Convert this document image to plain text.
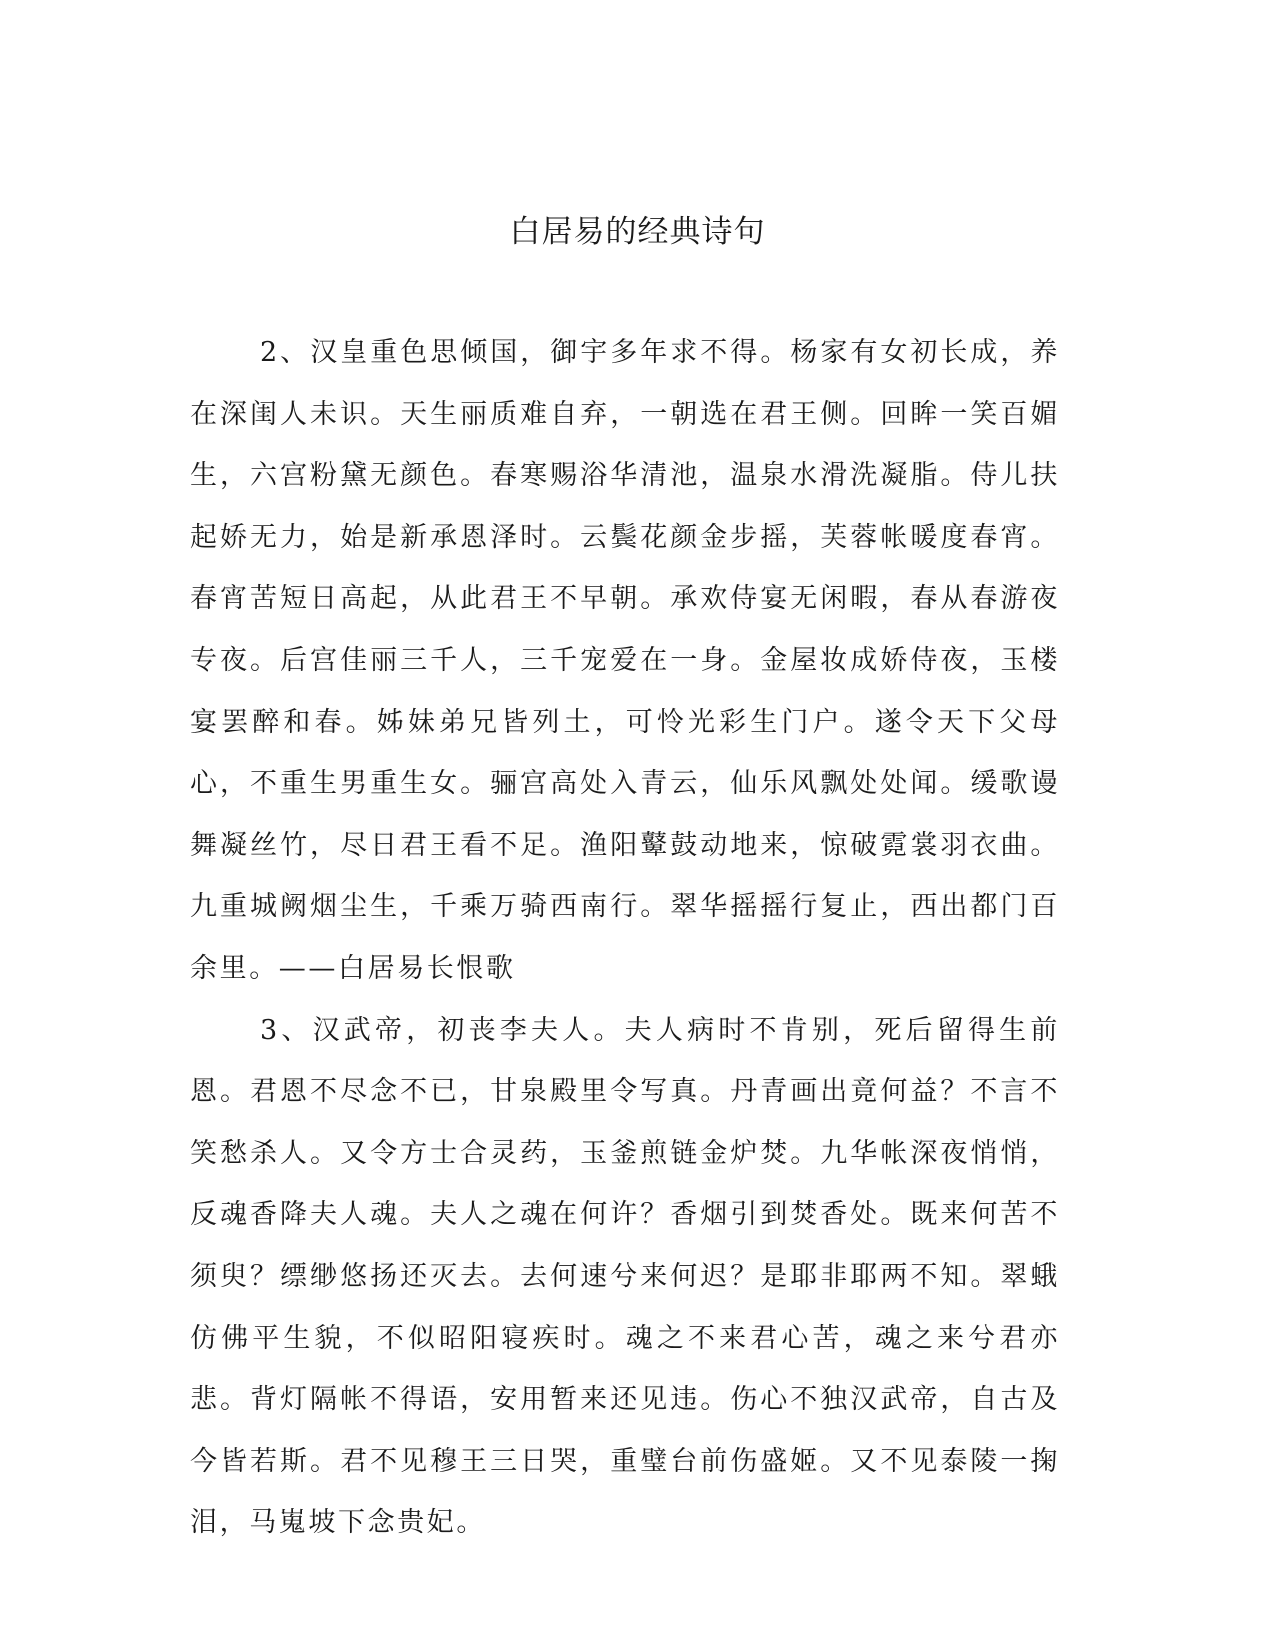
白居易的经典诗句

2、汉皇重色思倾国，御宇多年求不得。杨家有女初长成，养在深闺人未识。天生丽质难自弃，一朝选在君王侧。回眸一笑百媚生，六宫粉黛无颜色。春寒赐浴华清池，温泉水滑洗凝脂。侍儿扶起娇无力，始是新承恩泽时。云鬓花颜金步摇，芙蓉帐暖度春宵。春宵苦短日高起，从此君王不早朝。承欢侍宴无闲暇，春从春游夜专夜。后宫佳丽三千人，三千宠爱在一身。金屋妆成娇侍夜，玉楼宴罢醉和春。姊妹弟兄皆列土，可怜光彩生门户。遂令天下父母心，不重生男重生女。骊宫高处入青云，仙乐风飘处处闻。缓歌谩舞凝丝竹，尽日君王看不足。渔阳鼙鼓动地来，惊破霓裳羽衣曲。九重城阙烟尘生，千乘万骑西南行。翠华摇摇行复止，西出都门百余里。——白居易长恨歌

3、汉武帝，初丧李夫人。夫人病时不肯别，死后留得生前恩。君恩不尽念不已，甘泉殿里令写真。丹青画出竟何益？不言不笑愁杀人。又令方士合灵药，玉釜煎链金炉焚。九华帐深夜悄悄，反魂香降夫人魂。夫人之魂在何许？香烟引到焚香处。既来何苦不须臾？缥缈悠扬还灭去。去何速兮来何迟？是耶非耶两不知。翠蛾仿佛平生貌，不似昭阳寝疾时。魂之不来君心苦，魂之来兮君亦悲。背灯隔帐不得语，安用暂来还见违。伤心不独汉武帝，自古及今皆若斯。君不见穆王三日哭，重璧台前伤盛姬。又不见泰陵一掬泪，马嵬坡下念贵妃。
